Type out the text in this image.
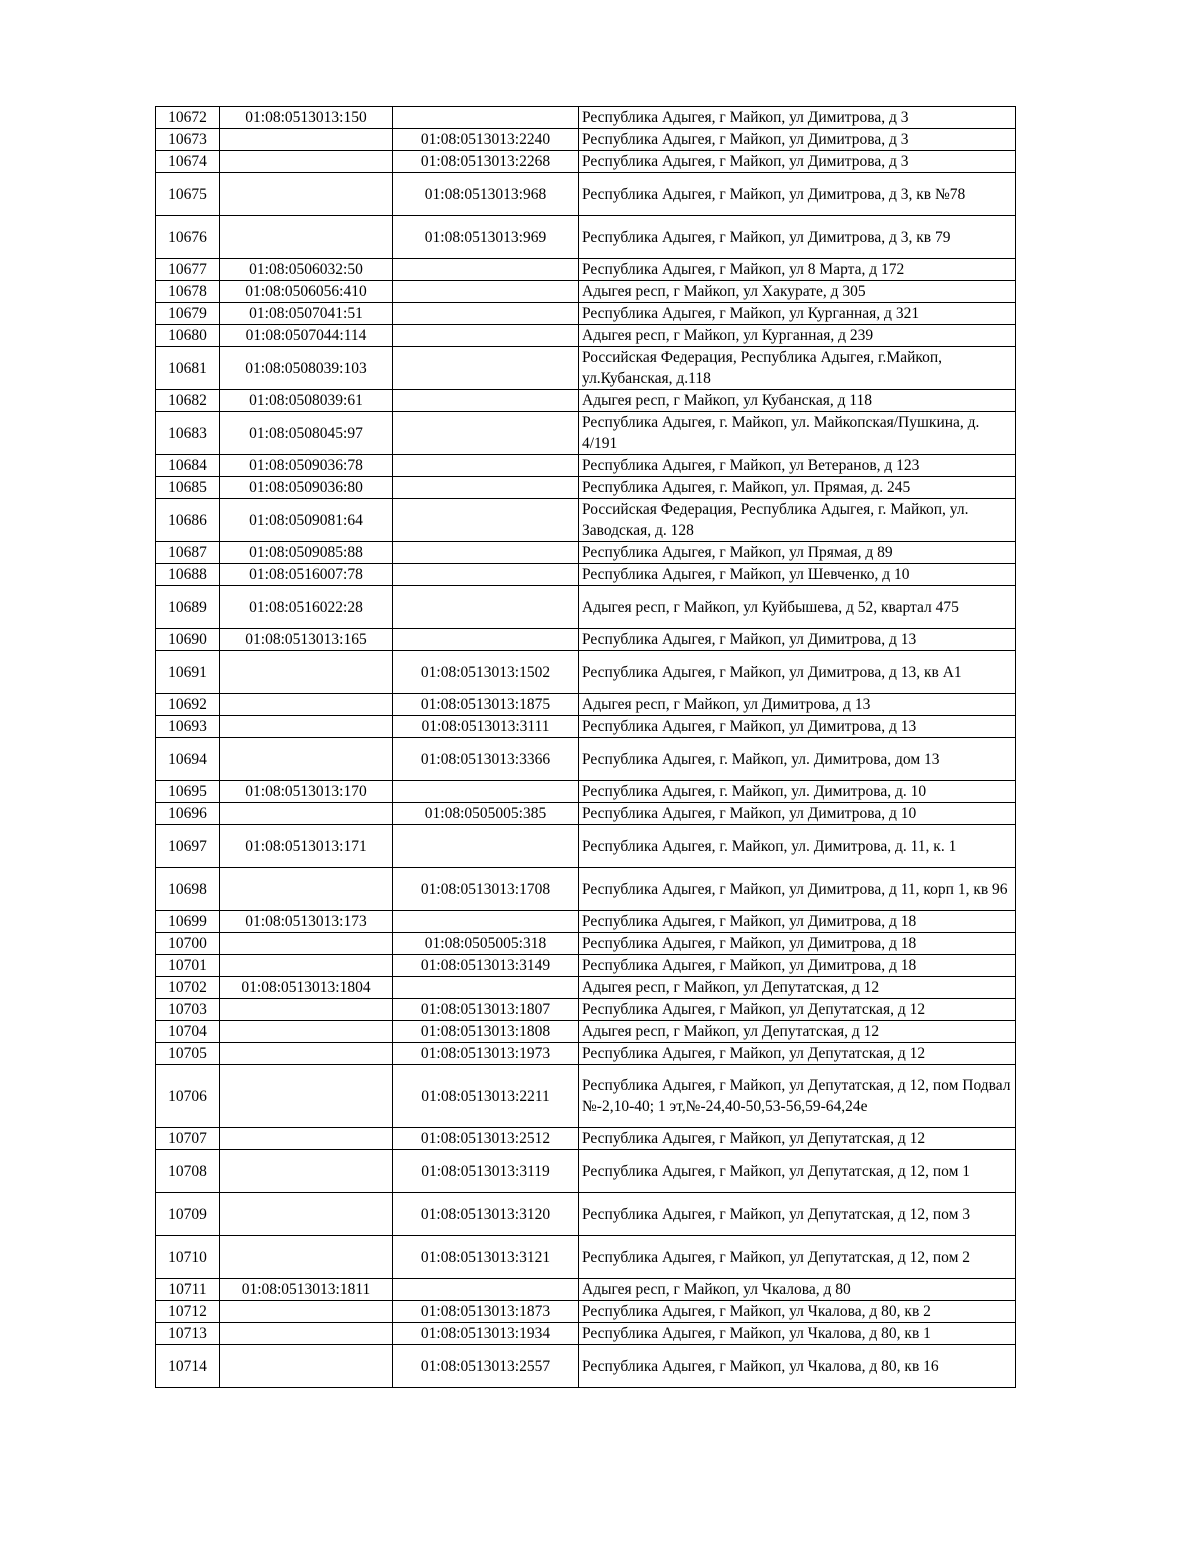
10672	01:08:0513013:150		Республика Адыгея, г Майкоп, ул Димитрова, д 3
10673		01:08:0513013:2240	Республика Адыгея, г Майкоп, ул Димитрова, д 3
10674		01:08:0513013:2268	Республика Адыгея, г Майкоп, ул Димитрова, д 3
10675		01:08:0513013:968	Республика Адыгея, г Майкоп, ул Димитрова, д 3, кв №78
10676		01:08:0513013:969	Республика Адыгея, г Майкоп, ул Димитрова, д 3, кв 79
10677	01:08:0506032:50		Республика Адыгея, г Майкоп, ул 8 Марта, д 172
10678	01:08:0506056:410		Адыгея респ, г Майкоп, ул Хакурате, д 305
10679	01:08:0507041:51		Республика Адыгея, г Майкоп, ул Курганная, д 321
10680	01:08:0507044:114		Адыгея респ, г Майкоп, ул Курганная, д 239
10681	01:08:0508039:103		Российская Федерация, Республика Адыгея, г.Майкоп, ул.Кубанская, д.118
10682	01:08:0508039:61		Адыгея респ, г Майкоп, ул Кубанская, д 118
10683	01:08:0508045:97		Республика Адыгея, г. Майкоп, ул. Майкопская/Пушкина, д. 4/191
10684	01:08:0509036:78		Республика Адыгея, г Майкоп, ул Ветеранов, д 123
10685	01:08:0509036:80		Республика Адыгея, г. Майкоп, ул. Прямая, д. 245
10686	01:08:0509081:64		Российская Федерация, Республика Адыгея, г. Майкоп, ул. Заводская, д. 128
10687	01:08:0509085:88		Республика Адыгея, г Майкоп, ул Прямая, д 89
10688	01:08:0516007:78		Республика Адыгея, г Майкоп, ул Шевченко, д 10
10689	01:08:0516022:28		Адыгея респ, г Майкоп, ул Куйбышева, д 52, квартал 475
10690	01:08:0513013:165		Республика Адыгея, г Майкоп, ул Димитрова, д 13
10691		01:08:0513013:1502	Республика Адыгея, г Майкоп, ул Димитрова, д 13, кв А1
10692		01:08:0513013:1875	Адыгея респ, г Майкоп, ул Димитрова, д 13
10693		01:08:0513013:3111	Республика Адыгея, г Майкоп, ул Димитрова, д 13
10694		01:08:0513013:3366	Республика Адыгея, г. Майкоп, ул. Димитрова, дом 13
10695	01:08:0513013:170		Республика Адыгея, г. Майкоп, ул. Димитрова, д. 10
10696		01:08:0505005:385	Республика Адыгея, г Майкоп, ул Димитрова, д 10
10697	01:08:0513013:171		Республика Адыгея, г. Майкоп, ул. Димитрова, д. 11, к. 1
10698		01:08:0513013:1708	Республика Адыгея, г Майкоп, ул Димитрова, д 11, корп 1, кв 96
10699	01:08:0513013:173		Республика Адыгея, г Майкоп, ул Димитрова, д 18
10700		01:08:0505005:318	Республика Адыгея, г Майкоп, ул Димитрова, д 18
10701		01:08:0513013:3149	Республика Адыгея, г Майкоп, ул Димитрова, д 18
10702	01:08:0513013:1804		Адыгея респ, г Майкоп, ул Депутатская, д 12
10703		01:08:0513013:1807	Республика Адыгея, г Майкоп, ул Депутатская, д 12
10704		01:08:0513013:1808	Адыгея респ, г Майкоп, ул Депутатская, д 12
10705		01:08:0513013:1973	Республика Адыгея, г Майкоп, ул Депутатская, д 12
10706		01:08:0513013:2211	Республика Адыгея, г Майкоп, ул Депутатская, д 12, пом Подвал №-2,10-40; 1 эт,№-24,40-50,53-56,59-64,24е
10707		01:08:0513013:2512	Республика Адыгея, г Майкоп, ул Депутатская, д 12
10708		01:08:0513013:3119	Республика Адыгея, г Майкоп, ул Депутатская, д 12, пом 1
10709		01:08:0513013:3120	Республика Адыгея, г Майкоп, ул Депутатская, д 12, пом 3
10710		01:08:0513013:3121	Республика Адыгея, г Майкоп, ул Депутатская, д 12, пом 2
10711	01:08:0513013:1811		Адыгея респ, г Майкоп, ул Чкалова, д 80
10712		01:08:0513013:1873	Республика Адыгея, г Майкоп, ул Чкалова, д 80, кв 2
10713		01:08:0513013:1934	Республика Адыгея, г Майкоп, ул Чкалова, д 80, кв 1
10714		01:08:0513013:2557	Республика Адыгея, г Майкоп, ул Чкалова, д 80, кв 16
